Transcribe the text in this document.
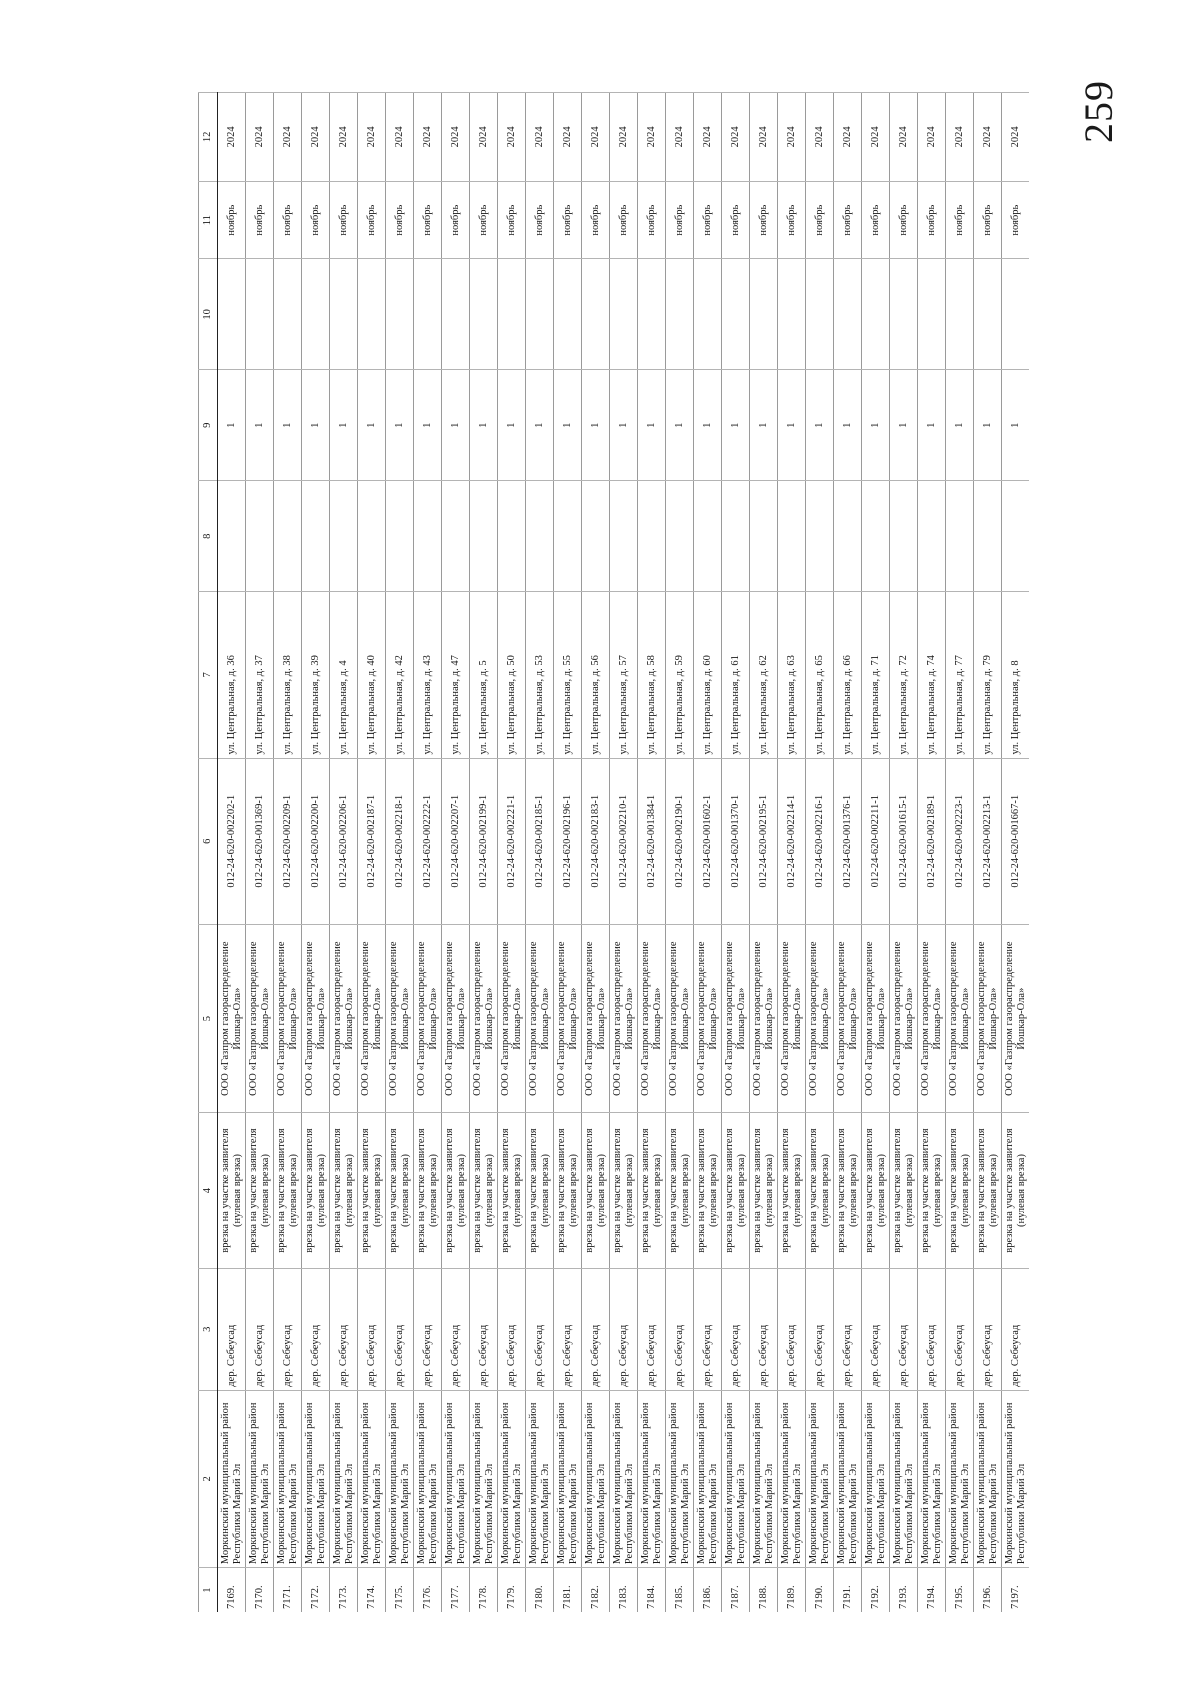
259
1	2	3	4	5	6	7	8	9	10	11	12
7169.	Моркинский муниципальный район Республики Марий Эл	дер. Себеусад	врезка на участке заявителя (нулевая врезка)	ООО «Газпром газораспределение Йошкар-Ола»	012-24-620-002202-1	ул. Центральная, д. 36		1		ноябрь	2024
7170.	Моркинский муниципальный район Республики Марий Эл	дер. Себеусад	врезка на участке заявителя (нулевая врезка)	ООО «Газпром газораспределение Йошкар-Ола»	012-24-620-001369-1	ул. Центральная, д. 37		1		ноябрь	2024
7171.	Моркинский муниципальный район Республики Марий Эл	дер. Себеусад	врезка на участке заявителя (нулевая врезка)	ООО «Газпром газораспределение Йошкар-Ола»	012-24-620-002209-1	ул. Центральная, д. 38		1		ноябрь	2024
7172.	Моркинский муниципальный район Республики Марий Эл	дер. Себеусад	врезка на участке заявителя (нулевая врезка)	ООО «Газпром газораспределение Йошкар-Ола»	012-24-620-002200-1	ул. Центральная, д. 39		1		ноябрь	2024
7173.	Моркинский муниципальный район Республики Марий Эл	дер. Себеусад	врезка на участке заявителя (нулевая врезка)	ООО «Газпром газораспределение Йошкар-Ола»	012-24-620-002206-1	ул. Центральная, д. 4		1		ноябрь	2024
7174.	Моркинский муниципальный район Республики Марий Эл	дер. Себеусад	врезка на участке заявителя (нулевая врезка)	ООО «Газпром газораспределение Йошкар-Ола»	012-24-620-002187-1	ул. Центральная, д. 40		1		ноябрь	2024
7175.	Моркинский муниципальный район Республики Марий Эл	дер. Себеусад	врезка на участке заявителя (нулевая врезка)	ООО «Газпром газораспределение Йошкар-Ола»	012-24-620-002218-1	ул. Центральная, д. 42		1		ноябрь	2024
7176.	Моркинский муниципальный район Республики Марий Эл	дер. Себеусад	врезка на участке заявителя (нулевая врезка)	ООО «Газпром газораспределение Йошкар-Ола»	012-24-620-002222-1	ул. Центральная, д. 43		1		ноябрь	2024
7177.	Моркинский муниципальный район Республики Марий Эл	дер. Себеусад	врезка на участке заявителя (нулевая врезка)	ООО «Газпром газораспределение Йошкар-Ола»	012-24-620-002207-1	ул. Центральная, д. 47		1		ноябрь	2024
7178.	Моркинский муниципальный район Республики Марий Эл	дер. Себеусад	врезка на участке заявителя (нулевая врезка)	ООО «Газпром газораспределение Йошкар-Ола»	012-24-620-002199-1	ул. Центральная, д. 5		1		ноябрь	2024
7179.	Моркинский муниципальный район Республики Марий Эл	дер. Себеусад	врезка на участке заявителя (нулевая врезка)	ООО «Газпром газораспределение Йошкар-Ола»	012-24-620-002221-1	ул. Центральная, д. 50		1		ноябрь	2024
7180.	Моркинский муниципальный район Республики Марий Эл	дер. Себеусад	врезка на участке заявителя (нулевая врезка)	ООО «Газпром газораспределение Йошкар-Ола»	012-24-620-002185-1	ул. Центральная, д. 53		1		ноябрь	2024
7181.	Моркинский муниципальный район Республики Марий Эл	дер. Себеусад	врезка на участке заявителя (нулевая врезка)	ООО «Газпром газораспределение Йошкар-Ола»	012-24-620-002196-1	ул. Центральная, д. 55		1		ноябрь	2024
7182.	Моркинский муниципальный район Республики Марий Эл	дер. Себеусад	врезка на участке заявителя (нулевая врезка)	ООО «Газпром газораспределение Йошкар-Ола»	012-24-620-002183-1	ул. Центральная, д. 56		1		ноябрь	2024
7183.	Моркинский муниципальный район Республики Марий Эл	дер. Себеусад	врезка на участке заявителя (нулевая врезка)	ООО «Газпром газораспределение Йошкар-Ола»	012-24-620-002210-1	ул. Центральная, д. 57		1		ноябрь	2024
7184.	Моркинский муниципальный район Республики Марий Эл	дер. Себеусад	врезка на участке заявителя (нулевая врезка)	ООО «Газпром газораспределение Йошкар-Ола»	012-24-620-001384-1	ул. Центральная, д. 58		1		ноябрь	2024
7185.	Моркинский муниципальный район Республики Марий Эл	дер. Себеусад	врезка на участке заявителя (нулевая врезка)	ООО «Газпром газораспределение Йошкар-Ола»	012-24-620-002190-1	ул. Центральная, д. 59		1		ноябрь	2024
7186.	Моркинский муниципальный район Республики Марий Эл	дер. Себеусад	врезка на участке заявителя (нулевая врезка)	ООО «Газпром газораспределение Йошкар-Ола»	012-24-620-001602-1	ул. Центральная, д. 60		1		ноябрь	2024
7187.	Моркинский муниципальный район Республики Марий Эл	дер. Себеусад	врезка на участке заявителя (нулевая врезка)	ООО «Газпром газораспределение Йошкар-Ола»	012-24-620-001370-1	ул. Центральная, д. 61		1		ноябрь	2024
7188.	Моркинский муниципальный район Республики Марий Эл	дер. Себеусад	врезка на участке заявителя (нулевая врезка)	ООО «Газпром газораспределение Йошкар-Ола»	012-24-620-002195-1	ул. Центральная, д. 62		1		ноябрь	2024
7189.	Моркинский муниципальный район Республики Марий Эл	дер. Себеусад	врезка на участке заявителя (нулевая врезка)	ООО «Газпром газораспределение Йошкар-Ола»	012-24-620-002214-1	ул. Центральная, д. 63		1		ноябрь	2024
7190.	Моркинский муниципальный район Республики Марий Эл	дер. Себеусад	врезка на участке заявителя (нулевая врезка)	ООО «Газпром газораспределение Йошкар-Ола»	012-24-620-002216-1	ул. Центральная, д. 65		1		ноябрь	2024
7191.	Моркинский муниципальный район Республики Марий Эл	дер. Себеусад	врезка на участке заявителя (нулевая врезка)	ООО «Газпром газораспределение Йошкар-Ола»	012-24-620-001376-1	ул. Центральная, д. 66		1		ноябрь	2024
7192.	Моркинский муниципальный район Республики Марий Эл	дер. Себеусад	врезка на участке заявителя (нулевая врезка)	ООО «Газпром газораспределение Йошкар-Ола»	012-24-620-002211-1	ул. Центральная, д. 71		1		ноябрь	2024
7193.	Моркинский муниципальный район Республики Марий Эл	дер. Себеусад	врезка на участке заявителя (нулевая врезка)	ООО «Газпром газораспределение Йошкар-Ола»	012-24-620-001615-1	ул. Центральная, д. 72		1		ноябрь	2024
7194.	Моркинский муниципальный район Республики Марий Эл	дер. Себеусад	врезка на участке заявителя (нулевая врезка)	ООО «Газпром газораспределение Йошкар-Ола»	012-24-620-002189-1	ул. Центральная, д. 74		1		ноябрь	2024
7195.	Моркинский муниципальный район Республики Марий Эл	дер. Себеусад	врезка на участке заявителя (нулевая врезка)	ООО «Газпром газораспределение Йошкар-Ола»	012-24-620-002223-1	ул. Центральная, д. 77		1		ноябрь	2024
7196.	Моркинский муниципальный район Республики Марий Эл	дер. Себеусад	врезка на участке заявителя (нулевая врезка)	ООО «Газпром газораспределение Йошкар-Ола»	012-24-620-002213-1	ул. Центральная, д. 79		1		ноябрь	2024
7197.	Моркинский муниципальный район Республики Марий Эл	дер. Себеусад	врезка на участке заявителя (нулевая врезка)	ООО «Газпром газораспределение Йошкар-Ола»	012-24-620-001667-1	ул. Центральная, д. 8		1		ноябрь	2024
